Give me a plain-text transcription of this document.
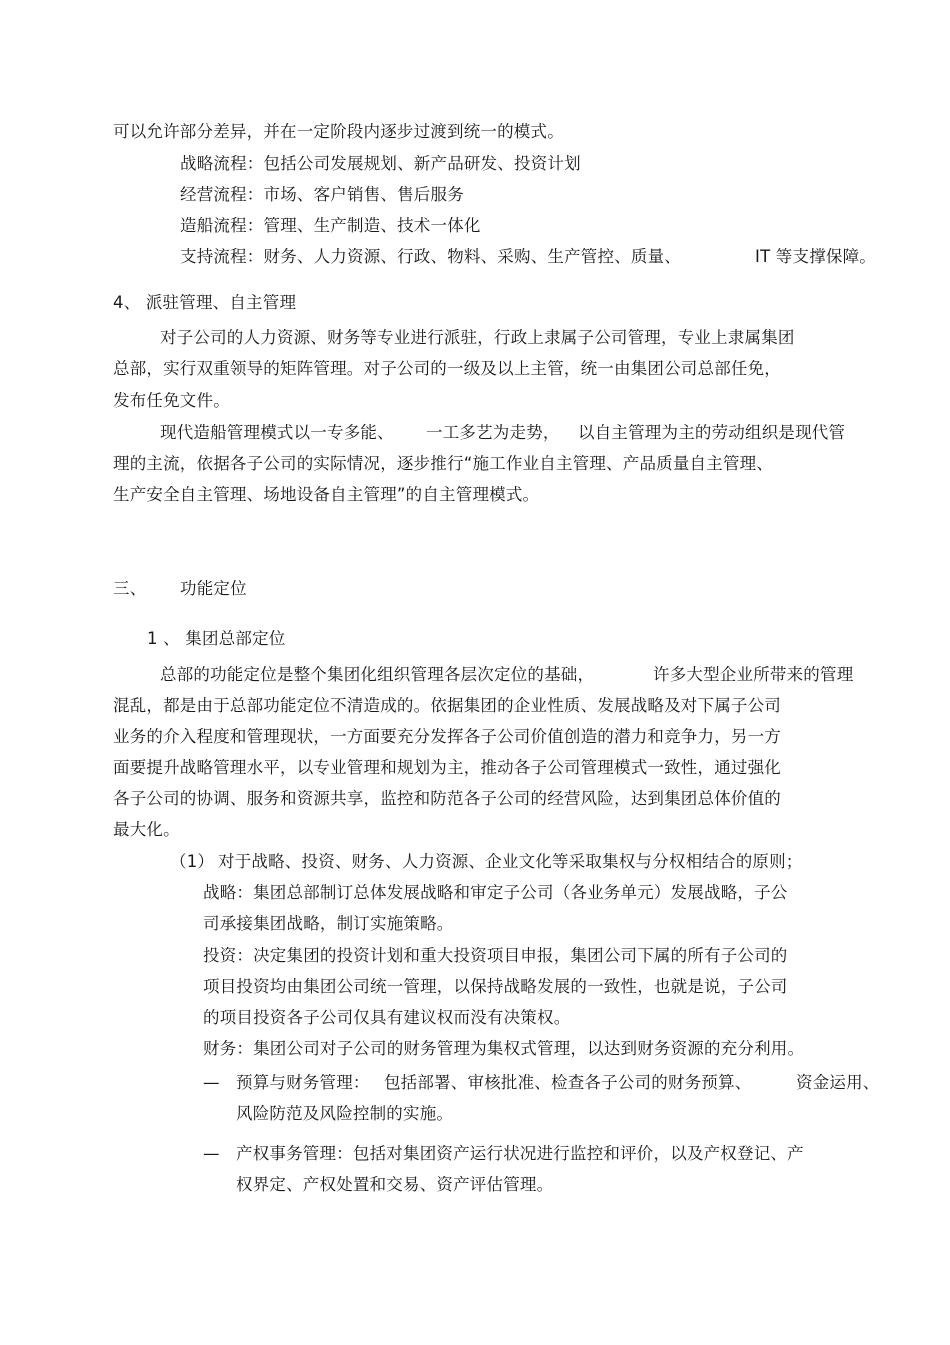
可以允许部分差异，并在一定阶段内逐步过渡到统一的模式。
战略流程：包括公司发展规划、新产品研发、投资计划
经营流程：市场、客户销售、售后服务
造船流程：管理、生产制造、技术一体化
支持流程：财务、人力资源、行政、物料、采购、生产管控、质量、	IT 等支撑保障。
4、 派驻管理、自主管理
对子公司的人力资源、财务等专业进行派驻，行政上隶属子公司管理，专业上隶属集团
总部，实行双重领导的矩阵管理。对子公司的一级及以上主管，统一由集团公司总部任免，
发布任免文件。
现代造船管理模式以一专多能、 一工多艺为走势， 以自主管理为主的劳动组织是现代管
理的主流，依据各子公司的实际情况，逐步推行“施工作业自主管理、产品质量自主管理、
生产安全自主管理、场地设备自主管理”的自主管理模式。
三、 功能定位
1 、 集团总部定位
总部的功能定位是整个集团化组织管理各层次定位的基础，	许多大型企业所带来的管理
混乱，都是由于总部功能定位不清造成的。依据集团的企业性质、发展战略及对下属子公司
业务的介入程度和管理现状，一方面要充分发挥各子公司价值创造的潜力和竞争力，另一方
面要提升战略管理水平，以专业管理和规划为主，推动各子公司管理模式一致性，通过强化
各子公司的协调、服务和资源共享，监控和防范各子公司的经营风险，达到集团总体价值的
最大化。
（1） 对于战略、投资、财务、人力资源、企业文化等采取集权与分权相结合的原则；
战略：集团总部制订总体发展战略和审定子公司（各业务单元）发展战略，子公
司承接集团战略，制订实施策略。
投资：决定集团的投资计划和重大投资项目申报，集团公司下属的所有子公司的
项目投资均由集团公司统一管理，以保持战略发展的一致性，也就是说，子公司
的项目投资各子公司仅具有建议权而没有决策权。
财务：集团公司对子公司的财务管理为集权式管理，以达到财务资源的充分利用。
— 预算与财务管理： 包括部署、审核批准、检查各子公司的财务预算、	资金运用、
风险防范及风险控制的实施。
— 产权事务管理：包括对集团资产运行状况进行监控和评价，以及产权登记、产
权界定、产权处置和交易、资产评估管理。
